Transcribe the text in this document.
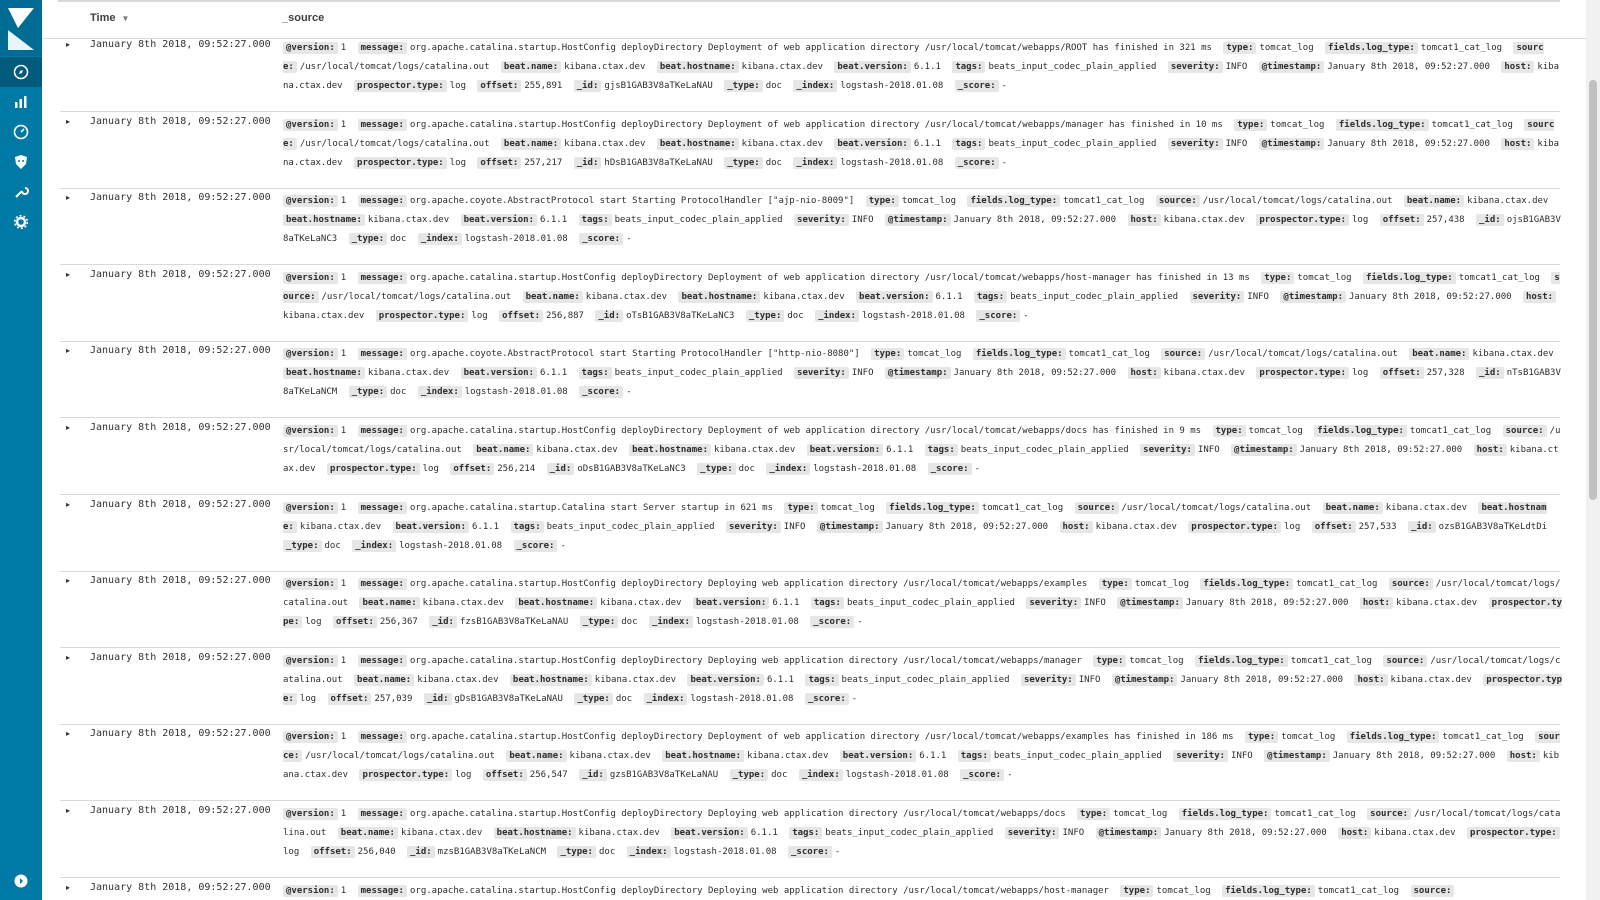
Time ▼	_source
▸	January 8th 2018, 09:52:27.000	@version: 1 message: org.apache.catalina.startup.HostConfig deployDirectory Deployment of web application directory /usr/local/tomcat/webapps/ROOT has finished in 321 ms type: tomcat_log fields.log_type: tomcat1_cat_log source: /usr/local/tomcat/logs/catalina.out beat.name: kibana.ctax.dev beat.hostname: kibana.ctax.dev beat.version: 6.1.1 tags: beats_input_codec_plain_applied severity: INFO @timestamp: January 8th 2018, 09:52:27.000 host: kibana.ctax.dev prospector.type: log offset: 255,891 _id: gjsB1GAB3V8aTKeLaNAU _type: doc _index: logstash-2018.01.08 _score: -
▸	January 8th 2018, 09:52:27.000	@version: 1 message: org.apache.catalina.startup.HostConfig deployDirectory Deployment of web application directory /usr/local/tomcat/webapps/manager has finished in 10 ms type: tomcat_log fields.log_type: tomcat1_cat_log source: /usr/local/tomcat/logs/catalina.out beat.name: kibana.ctax.dev beat.hostname: kibana.ctax.dev beat.version: 6.1.1 tags: beats_input_codec_plain_applied severity: INFO @timestamp: January 8th 2018, 09:52:27.000 host: kibana.ctax.dev prospector.type: log offset: 257,217 _id: hDsB1GAB3V8aTKeLaNAU _type: doc _index: logstash-2018.01.08 _score: -
▸	January 8th 2018, 09:52:27.000	@version: 1 message: org.apache.coyote.AbstractProtocol start Starting ProtocolHandler ["ajp-nio-8009"] type: tomcat_log fields.log_type: tomcat1_cat_log source: /usr/local/tomcat/logs/catalina.out beat.name: kibana.ctax.dev beat.hostname: kibana.ctax.dev beat.version: 6.1.1 tags: beats_input_codec_plain_applied severity: INFO @timestamp: January 8th 2018, 09:52:27.000 host: kibana.ctax.dev prospector.type: log offset: 257,438 _id: ojsB1GAB3V8aTKeLaNC3 _type: doc _index: logstash-2018.01.08 _score: -
▸	January 8th 2018, 09:52:27.000	@version: 1 message: org.apache.catalina.startup.HostConfig deployDirectory Deployment of web application directory /usr/local/tomcat/webapps/host-manager has finished in 13 ms type: tomcat_log fields.log_type: tomcat1_cat_log source: /usr/local/tomcat/logs/catalina.out beat.name: kibana.ctax.dev beat.hostname: kibana.ctax.dev beat.version: 6.1.1 tags: beats_input_codec_plain_applied severity: INFO @timestamp: January 8th 2018, 09:52:27.000 host:kibana.ctax.dev prospector.type: log offset: 256,887 _id: oTsB1GAB3V8aTKeLaNC3 _type: doc _index: logstash-2018.01.08 _score: -
▸	January 8th 2018, 09:52:27.000	@version: 1 message: org.apache.coyote.AbstractProtocol start Starting ProtocolHandler ["http-nio-8080"] type: tomcat_log fields.log_type: tomcat1_cat_log source: /usr/local/tomcat/logs/catalina.out beat.name: kibana.ctax.dev beat.hostname: kibana.ctax.dev beat.version: 6.1.1 tags: beats_input_codec_plain_applied severity: INFO @timestamp: January 8th 2018, 09:52:27.000 host: kibana.ctax.dev prospector.type: log offset: 257,328 _id: nTsB1GAB3V8aTKeLaNCM _type: doc _index: logstash-2018.01.08 _score: -
▸	January 8th 2018, 09:52:27.000	@version: 1 message: org.apache.catalina.startup.HostConfig deployDirectory Deployment of web application directory /usr/local/tomcat/webapps/docs has finished in 9 ms type: tomcat_log fields.log_type: tomcat1_cat_log source: /usr/local/tomcat/logs/catalina.out beat.name: kibana.ctax.dev beat.hostname: kibana.ctax.dev beat.version: 6.1.1 tags: beats_input_codec_plain_applied severity: INFO @timestamp: January 8th 2018, 09:52:27.000 host: kibana.ctax.dev prospector.type: log offset: 256,214 _id: oDsB1GAB3V8aTKeLaNC3 _type: doc _index: logstash-2018.01.08 _score: -
▸	January 8th 2018, 09:52:27.000	@version: 1 message: org.apache.catalina.startup.Catalina start Server startup in 621 ms type: tomcat_log fields.log_type: tomcat1_cat_log source: /usr/local/tomcat/logs/catalina.out beat.name: kibana.ctax.dev beat.hostname: kibana.ctax.dev beat.version: 6.1.1 tags: beats_input_codec_plain_applied severity: INFO @timestamp: January 8th 2018, 09:52:27.000 host: kibana.ctax.dev prospector.type: log offset: 257,533 _id: ozsB1GAB3V8aTKeLdtDi _type: doc _index: logstash-2018.01.08 _score: -
▸	January 8th 2018, 09:52:27.000	@version: 1 message: org.apache.catalina.startup.HostConfig deployDirectory Deploying web application directory /usr/local/tomcat/webapps/examples type: tomcat_log fields.log_type: tomcat1_cat_log source: /usr/local/tomcat/logs/catalina.out beat.name: kibana.ctax.dev beat.hostname: kibana.ctax.dev beat.version: 6.1.1 tags: beats_input_codec_plain_applied severity: INFO @timestamp: January 8th 2018, 09:52:27.000 host: kibana.ctax.dev prospector.type: log offset: 256,367 _id: fzsB1GAB3V8aTKeLaNAU _type: doc _index: logstash-2018.01.08 _score: -
▸	January 8th 2018, 09:52:27.000	@version: 1 message: org.apache.catalina.startup.HostConfig deployDirectory Deploying web application directory /usr/local/tomcat/webapps/manager type: tomcat_log fields.log_type: tomcat1_cat_log source: /usr/local/tomcat/logs/catalina.out beat.name: kibana.ctax.dev beat.hostname: kibana.ctax.dev beat.version: 6.1.1 tags: beats_input_codec_plain_applied severity: INFO @timestamp: January 8th 2018, 09:52:27.000 host: kibana.ctax.dev prospector.type: log offset: 257,039 _id: gDsB1GAB3V8aTKeLaNAU _type: doc _index: logstash-2018.01.08 _score: -
▸	January 8th 2018, 09:52:27.000	@version: 1 message: org.apache.catalina.startup.HostConfig deployDirectory Deployment of web application directory /usr/local/tomcat/webapps/examples has finished in 186 ms type: tomcat_log fields.log_type: tomcat1_cat_log source: /usr/local/tomcat/logs/catalina.out beat.name: kibana.ctax.dev beat.hostname: kibana.ctax.dev beat.version: 6.1.1 tags: beats_input_codec_plain_applied severity: INFO @timestamp: January 8th 2018, 09:52:27.000 host: kibana.ctax.dev prospector.type: log offset: 256,547 _id: gzsB1GAB3V8aTKeLaNAU _type: doc _index: logstash-2018.01.08 _score: -
▸	January 8th 2018, 09:52:27.000	@version: 1 message: org.apache.catalina.startup.HostConfig deployDirectory Deploying web application directory /usr/local/tomcat/webapps/docs type: tomcat_log fields.log_type: tomcat1_cat_log source: /usr/local/tomcat/logs/catalina.out beat.name: kibana.ctax.dev beat.hostname: kibana.ctax.dev beat.version: 6.1.1 tags: beats_input_codec_plain_applied severity: INFO @timestamp: January 8th 2018, 09:52:27.000 host: kibana.ctax.dev prospector.type:log offset: 256,040 _id: mzsB1GAB3V8aTKeLaNCM _type: doc _index: logstash-2018.01.08 _score: -
▸	January 8th 2018, 09:52:27.000	@version: 1 message: org.apache.catalina.startup.HostConfig deployDirectory Deploying web application directory /usr/local/tomcat/webapps/host-manager type: tomcat_log fields.log_type: tomcat1_cat_log source:
